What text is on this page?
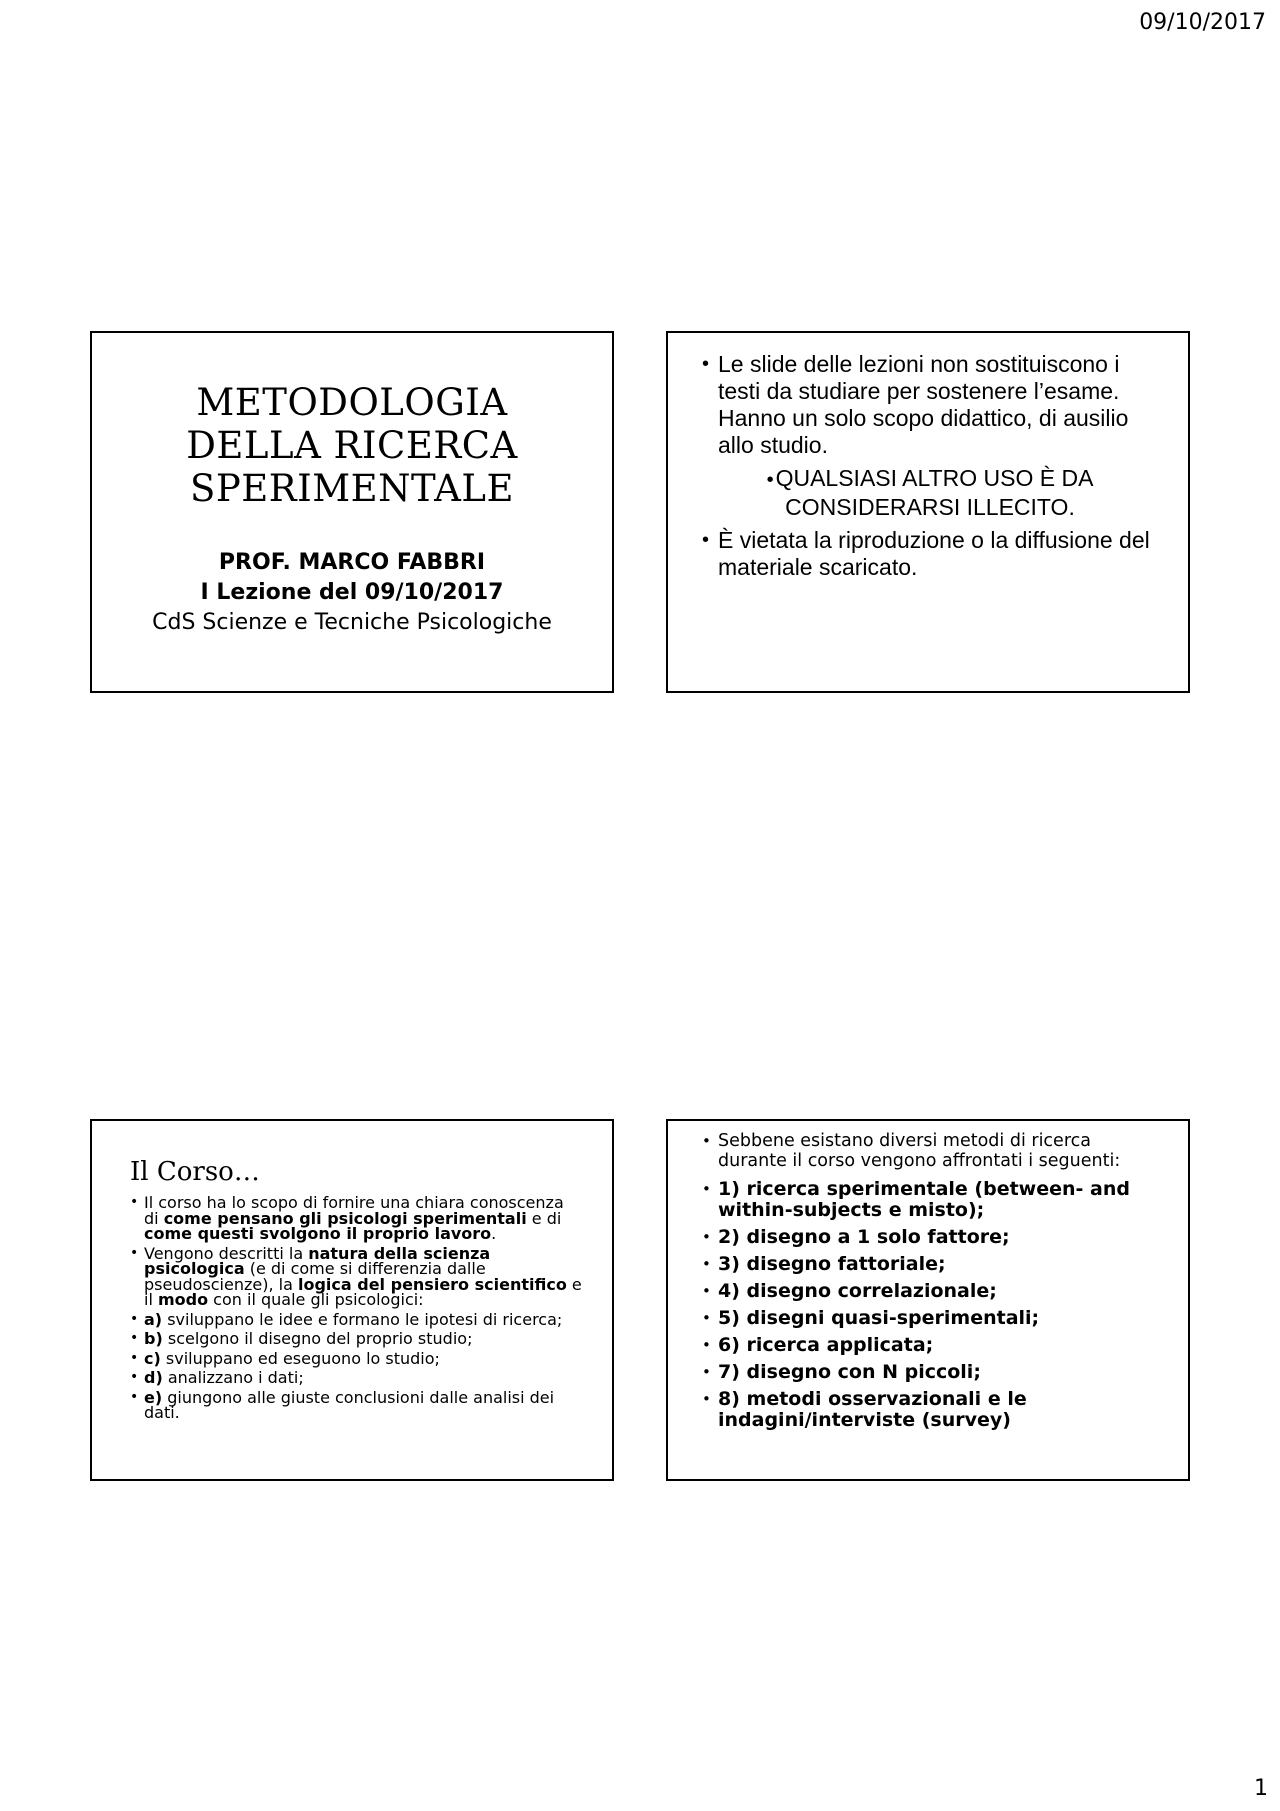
09/10/2017
METODOLOGIA
DELLA RICERCA
SPERIMENTALE
PROF. MARCO FABBRI
I Lezione del 09/10/2017
CdS Scienze e Tecniche Psicologiche
• Le slide delle lezioni non sostituiscono i testi da studiare per sostenere l’esame. Hanno un solo scopo didattico, di ausilio allo studio.
•QUALSIASI ALTRO USO È DA CONSIDERARSI ILLECITO.
• È vietata la riproduzione o la diffusione del materiale scaricato.
Il Corso…
• Il corso ha lo scopo di fornire una chiara conoscenza di come pensano gli psicologi sperimentali e di come questi svolgono il proprio lavoro.
• Vengono descritti la natura della scienza psicologica (e di come si differenzia dalle pseudoscienze), la logica del pensiero scientifico e il modo con il quale gli psicologici:
• a) sviluppano le idee e formano le ipotesi di ricerca;
• b) scelgono il disegno del proprio studio;
• c) sviluppano ed eseguono lo studio;
• d) analizzano i dati;
• e) giungono alle giuste conclusioni dalle analisi dei dati.
• Sebbene esistano diversi metodi di ricerca durante il corso vengono affrontati i seguenti:
• 1) ricerca sperimentale (between- and within-subjects e misto);
• 2) disegno a 1 solo fattore;
• 3) disegno fattoriale;
• 4) disegno correlazionale;
• 5) disegni quasi-sperimentali;
• 6) ricerca applicata;
• 7) disegno con N piccoli;
• 8) metodi osservazionali e le indagini/interviste (survey)
1
